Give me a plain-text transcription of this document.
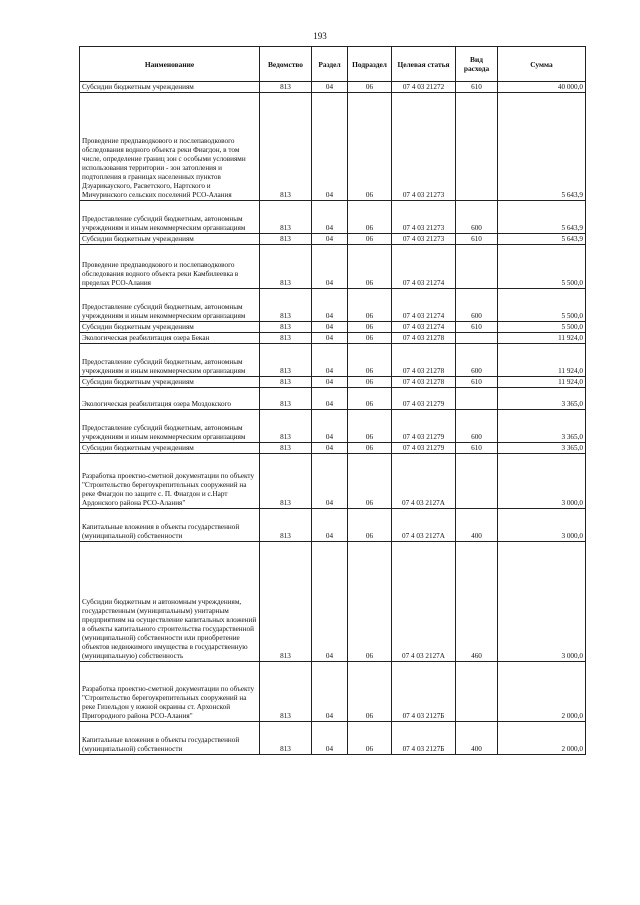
193
Наименование	Ведомство	Раздел	Подраздел	Целевая статья	Вид расхода	Сумма
Субсидии бюджетным учреждениям	813	04	06	07 4 03 21272	610	40 000,0
Проведение предпаводкового и послепаводкового обследования водного объекта реки Фиагдон, в том числе, определение границ зон с особыми условиями использования территории - зон затопления и подтопления в границах населенных пунктов Дзуарикауского, Расветского, Нартского и Мичуринского сельских поселений РСО-Алания	813	04	06	07 4 03 21273		5 643,9
Предоставление субсидий бюджетным, автономным учреждениям и иным некоммерческим организациям	813	04	06	07 4 03 21273	600	5 643,9
Субсидии бюджетным учреждениям	813	04	06	07 4 03 21273	610	5 643,9
Проведение предпаводкового и послепаводкового обследования водного объекта реки Камбилеевка в пределах РСО-Алания	813	04	06	07 4 03 21274		5 500,0
Предоставление субсидий бюджетным, автономным учреждениям и иным некоммерческим организациям	813	04	06	07 4 03 21274	600	5 500,0
Субсидии бюджетным учреждениям	813	04	06	07 4 03 21274	610	5 500,0
Экологическая реабилитация озера Бекан	813	04	06	07 4 03 21278		11 924,0
Предоставление субсидий бюджетным, автономным учреждениям и иным некоммерческим организациям	813	04	06	07 4 03 21278	600	11 924,0
Субсидии бюджетным учреждениям	813	04	06	07 4 03 21278	610	11 924,0
Экологическая реабилитация озера Моздокского	813	04	06	07 4 03 21279		3 365,0
Предоставление субсидий бюджетным, автономным учреждениям и иным некоммерческим организациям	813	04	06	07 4 03 21279	600	3 365,0
Субсидии бюджетным учреждениям	813	04	06	07 4 03 21279	610	3 365,0
Разработка проектно-сметной документации по объекту "Строительство берегоукрепительных сооружений на реке Фиагдон по защите с. П. Фиагдон и с.Нарт Ардонского района РСО-Алания"	813	04	06	07 4 03 2127А		3 000,0
Капитальные вложения в объекты государственной (муниципальной) собственности	813	04	06	07 4 03 2127А	400	3 000,0
Субсидии бюджетным и автономным учреждениям, государственным (муниципальным) унитарным предприятиям на осуществление капитальных вложений в объекты капитального строительства государственной (муниципальной) собственности или приобретение объектов недвижимого имущества в государственную (муниципальную) собственность	813	04	06	07 4 03 2127А	460	3 000,0
Разработка проектно-сметной документации по объекту "Строительство берегоукрепительных сооружений на реке Гизельдон у южной окраины ст. Архонской Пригородного района РСО-Алания"	813	04	06	07 4 03 2127Б		2 000,0
Капитальные вложения в объекты государственной (муниципальной) собственности	813	04	06	07 4 03 2127Б	400	2 000,0
